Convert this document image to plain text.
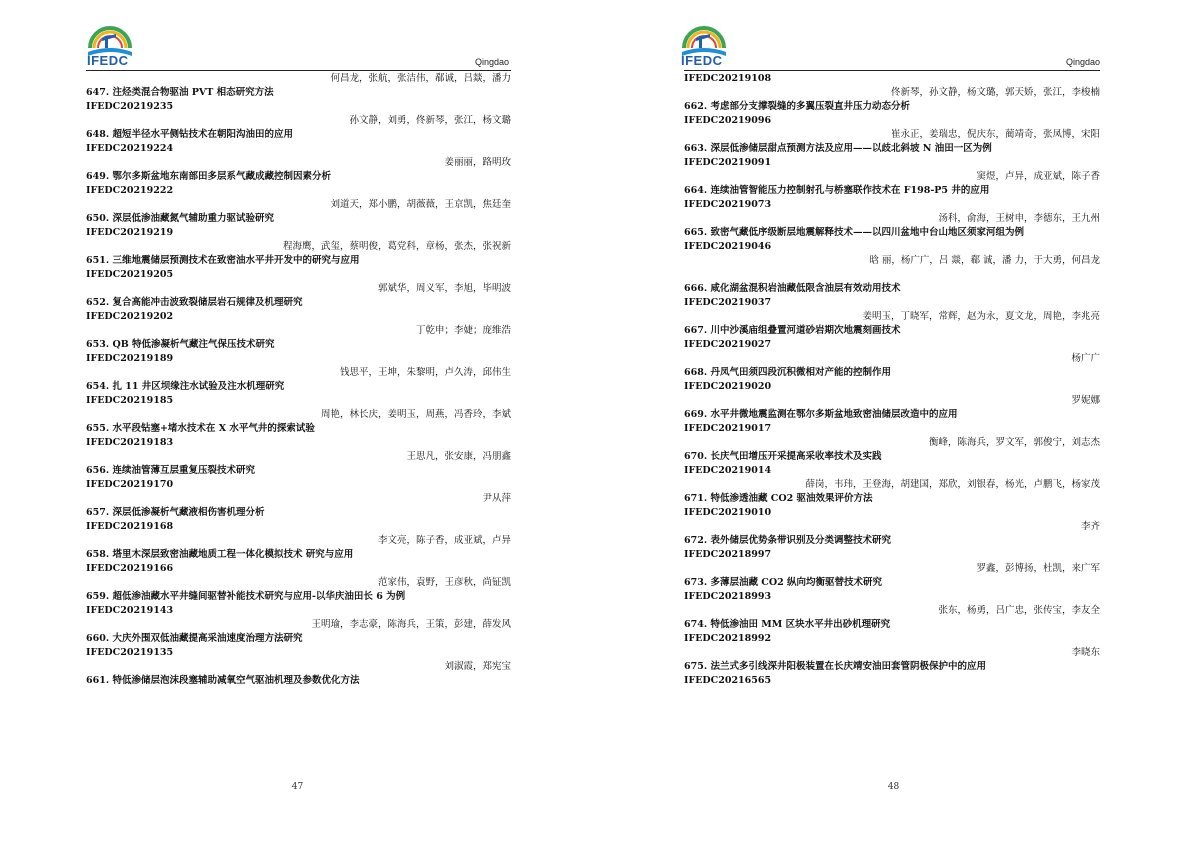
IFEDC	Qingdao
何昌龙，张航，张洁伟，郗诚，吕燚，潘力
647. 注烃类混合物驱油 PVT 相态研究方法
IFEDC20219235
孙文静，刘勇，佟新琴，张江，杨文璐
648. 超短半径水平侧钻技术在朝阳沟油田的应用
IFEDC20219224
姜丽丽，路明玫
649. 鄂尔多斯盆地东南部田多层系气藏成藏控制因素分析
IFEDC20219222
刘道天，郑小鹏，胡薇薇，王京凯，焦廷奎
650. 深层低渗油藏氮气辅助重力驱试验研究
IFEDC20219219
程海鹰，武玺，蔡明俊，葛党科，章杨，张杰，张祝新
651. 三维地震储层预测技术在致密油水平井开发中的研究与应用
IFEDC20219205
郭斌华，周义军，李旭，毕明波
652. 复合高能冲击波致裂储层岩石规律及机理研究
IFEDC20219202
丁乾申；李婕；庞维浩
653. QB 特低渗凝析气藏注气保压技术研究
IFEDC20219189
钱思平，王坤，朱黎明，卢久涛，邱伟生
654. 扎 11 井区坝缘注水试验及注水机理研究
IFEDC20219185
周艳，林长庆，姜明玉，周燕，冯香玲，李斌
655. 水平段钻塞+堵水技术在 X 水平气井的探索试验
IFEDC20219183
王思凡，张安康，冯朋鑫
656. 连续油管薄互层重复压裂技术研究
IFEDC20219170
尹从萍
657. 深层低渗凝析气藏液相伤害机理分析
IFEDC20219168
李文亮，陈子香，成亚斌，卢异
658. 塔里木深层致密油藏地质工程一体化模拟技术 研究与应用
IFEDC20219166
范家伟，袁野，王彦秋，尚钲凯
659. 超低渗油藏水平井缝间驱替补能技术研究与应用-以华庆油田长 6 为例
IFEDC20219143
王明瑜，李志豪，陈海兵，王策，彭建，薛发风
660. 大庆外围双低油藏提高采油速度治理方法研究
IFEDC20219135
刘淑霞，郑宪宝
661. 特低渗储层泡沫段塞辅助减氧空气驱油机理及参数优化方法
47
IFEDC	Qingdao
IFEDC20219108
佟新琴，孙文静，杨文璐，郭天娇，张江，李梭楠
662. 考虑部分支撑裂缝的多翼压裂直井压力动态分析
IFEDC20219096
崔永正，姜瑞忠，倪庆东，蔺靖奇，张凤博，宋阳
663. 深层低渗储层甜点预测方法及应用——以歧北斜坡 N 油田一区为例
IFEDC20219091
窦煜，卢异，成亚斌，陈子香
664. 连续油管智能压力控制射孔与桥塞联作技术在 F198-P5 井的应用
IFEDC20219073
汤科，俞海，王树申，李德东，王九州
665. 致密气藏低序级断层地震解释技术——以四川盆地中台山地区须家河组为例
IFEDC20219046
晗 丽，杨广广，吕 燚，郗 诚，潘 力，于大勇，何昌龙
666. 咸化湖盆混积岩油藏低限含油层有效动用技术
IFEDC20219037
姜明玉，丁晓军，常辉，赵为永，夏文龙，周艳，李兆亮
667. 川中沙溪庙组叠置河道砂岩期次地震刻画技术
IFEDC20219027
杨广广
668. 丹凤气田须四段沉积微相对产能的控制作用
IFEDC20219020
罗妮娜
669. 水平井微地震监测在鄂尔多斯盆地致密油储层改造中的应用
IFEDC20219017
衡峰，陈海兵，罗文军，郭俊宁，刘志杰
670. 长庆气田增压开采提高采收率技术及实践
IFEDC20219014
薛岗，韦玮，王登海，胡建国，郑欣，刘银春，杨光，卢鹏飞，杨家茂
671. 特低渗透油藏 CO2 驱油效果评价方法
IFEDC20219010
李齐
672. 表外储层优势条带识别及分类调整技术研究
IFEDC20218997
罗鑫，彭博扬，杜凯，来广军
673. 多薄层油藏 CO2 纵向均衡驱替技术研究
IFEDC20218993
张东，杨勇，吕广忠，张传宝，李友全
674. 特低渗油田 MM 区块水平井出砂机理研究
IFEDC20218992
李晓东
675. 法兰式多引线深井阳极装置在长庆靖安油田套管阴极保护中的应用
IFEDC20216565
48
